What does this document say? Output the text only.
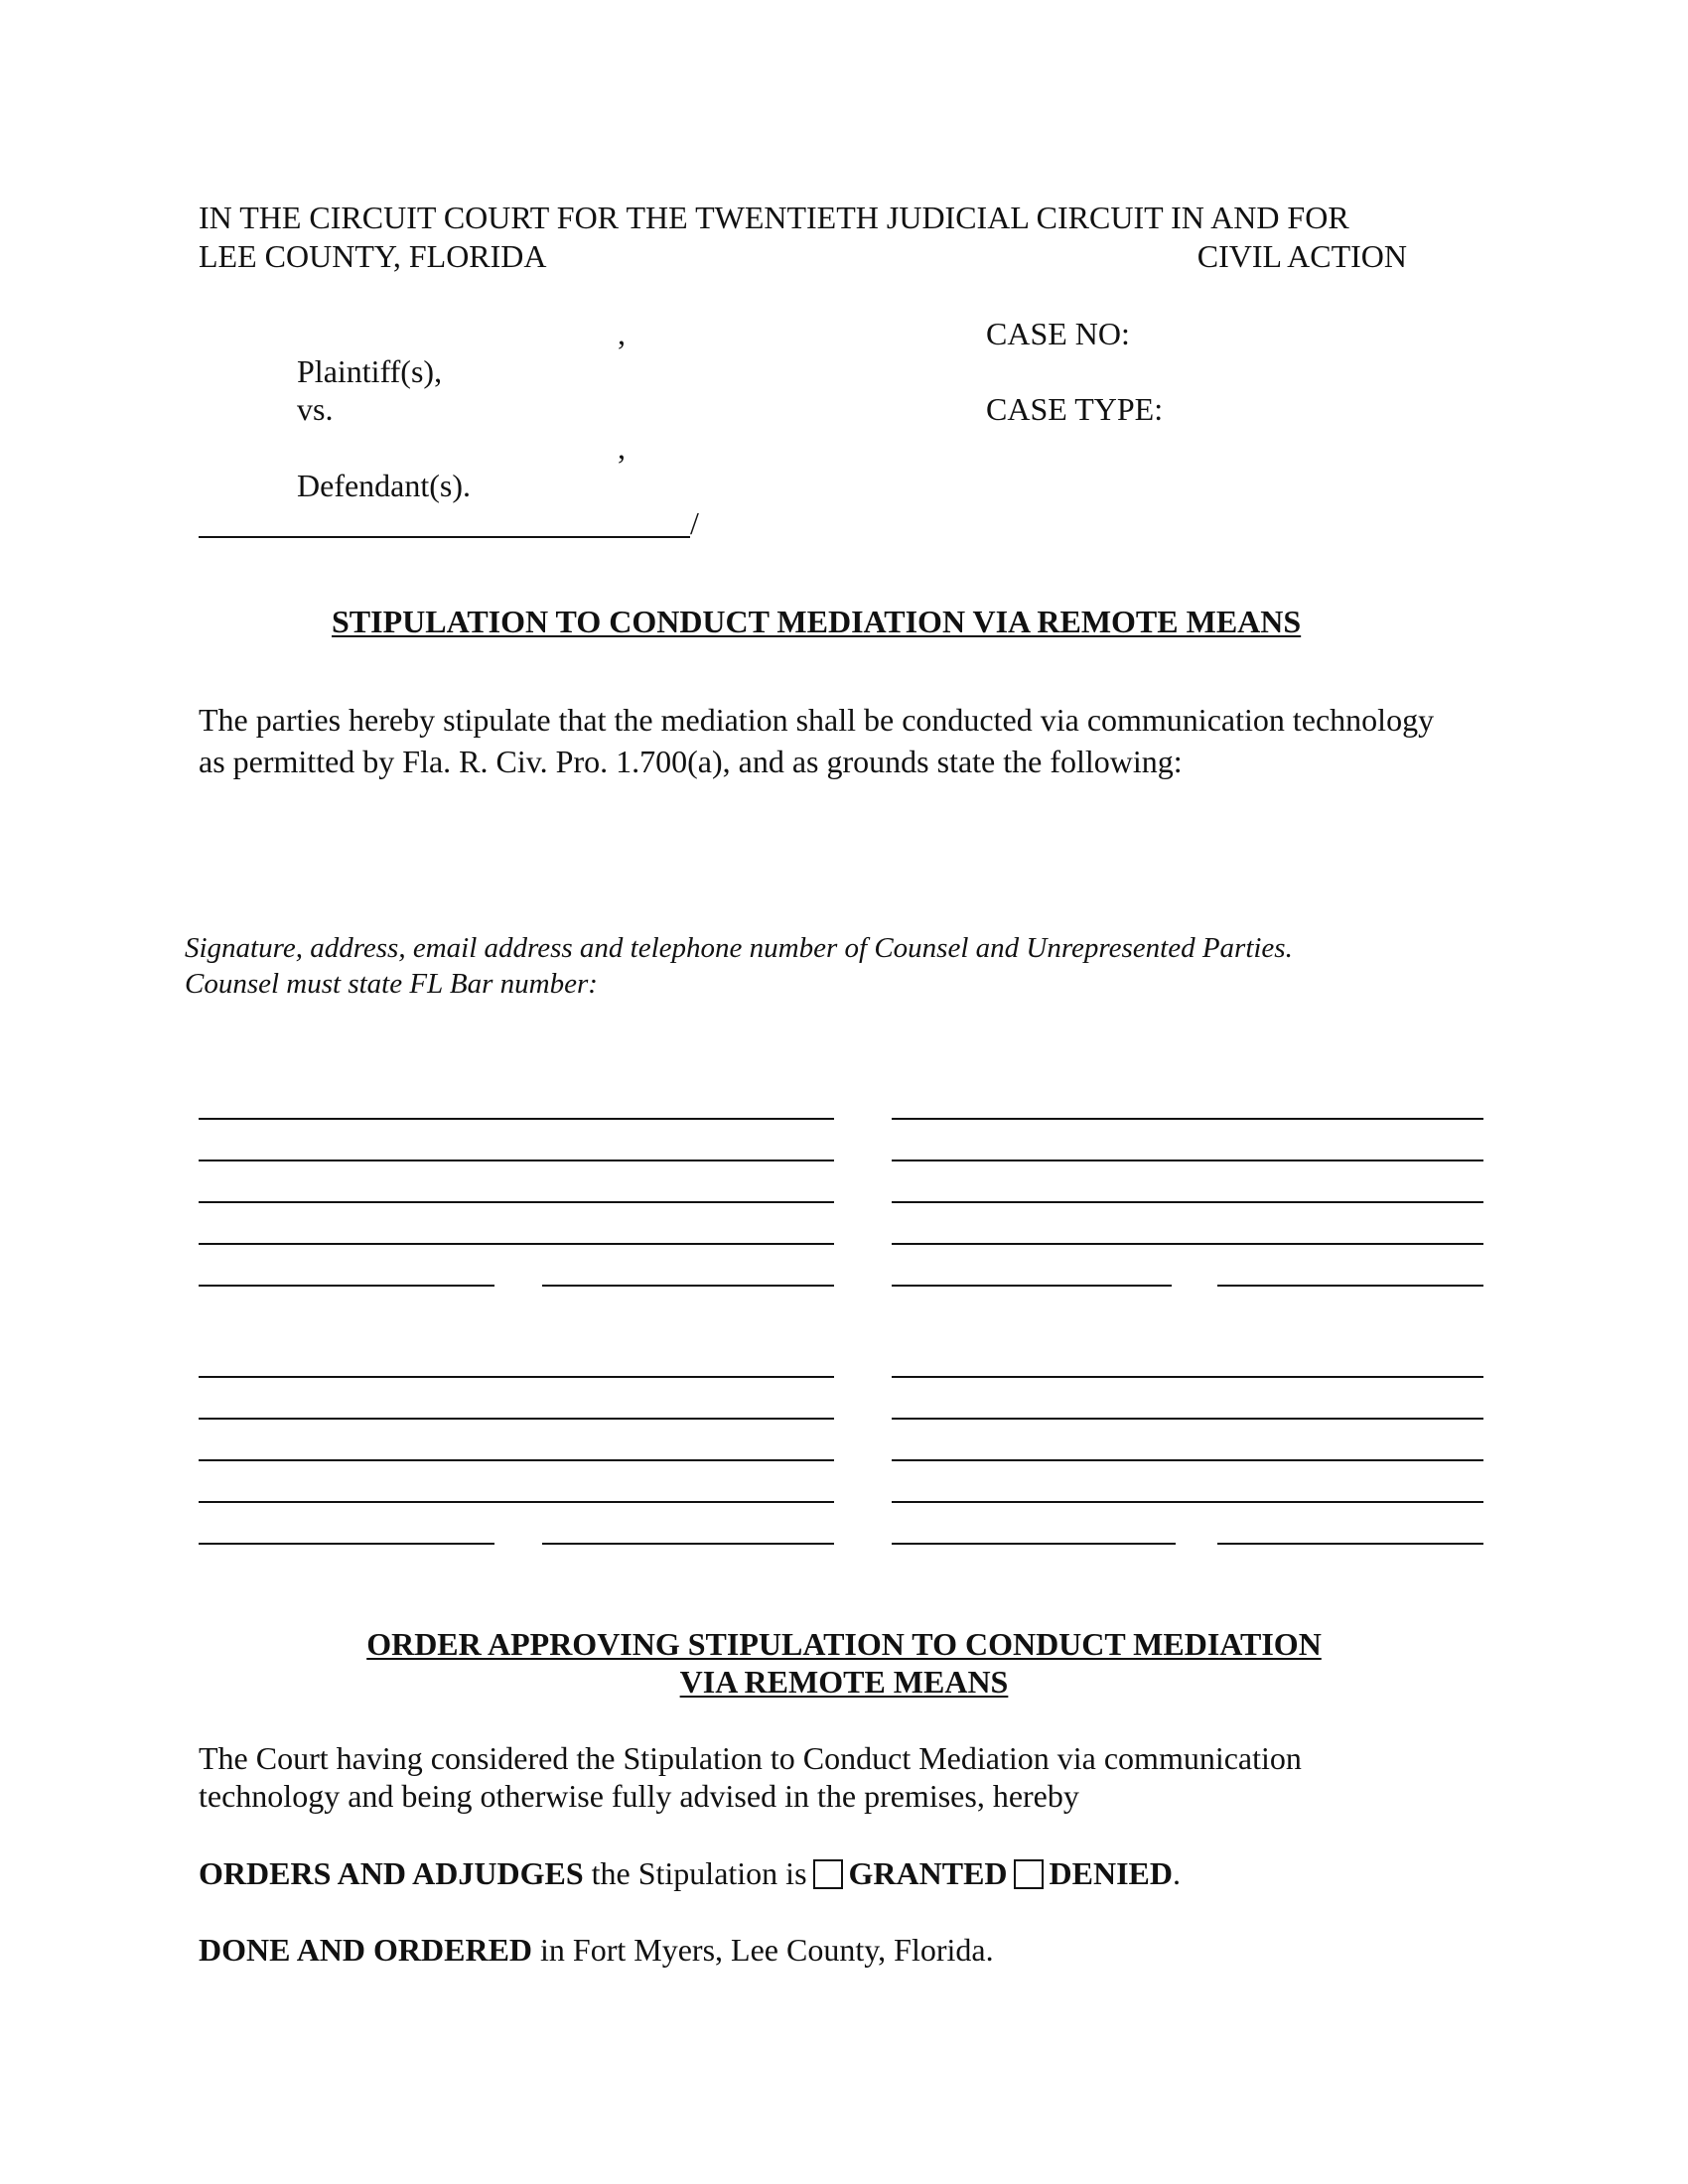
IN THE CIRCUIT COURT FOR THE TWENTIETH JUDICIAL CIRCUIT IN AND FOR
LEE COUNTY, FLORIDA	CIVIL ACTION
,
Plaintiff(s),
vs.
,
Defendant(s).
/
CASE NO:
CASE TYPE:
STIPULATION TO CONDUCT MEDIATION VIA REMOTE MEANS
The parties hereby stipulate that the mediation shall be conducted via communication technology
as permitted by Fla. R. Civ. Pro. 1.700(a), and as grounds state the following:
Signature, address, email address and telephone number of Counsel and Unrepresented Parties.
Counsel must state FL Bar number:
ORDER APPROVING STIPULATION TO CONDUCT MEDIATION
VIA REMOTE MEANS
The Court having considered the Stipulation to Conduct Mediation via communication
technology and being otherwise fully advised in the premises, hereby
ORDERS AND ADJUDGES the Stipulation is GRANTED DENIED.
DONE AND ORDERED in Fort Myers, Lee County, Florida.
